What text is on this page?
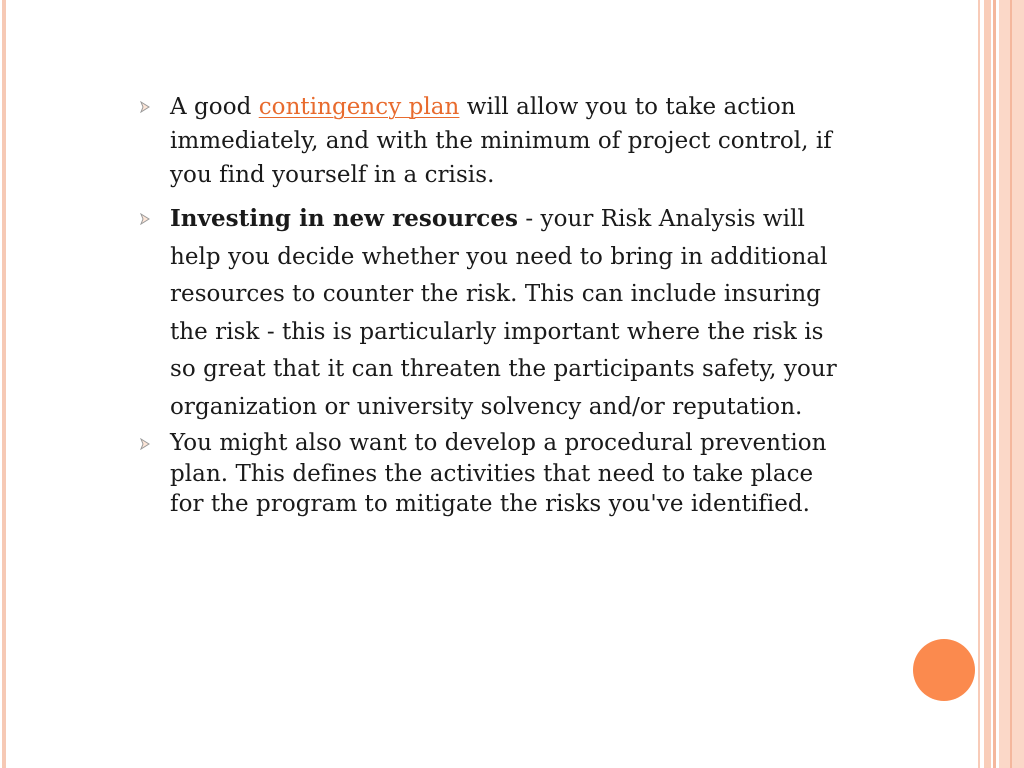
A good contingency plan will allow you to take action immediately, and with the minimum of project control, if you find yourself in a crisis.
Investing in new resources - your Risk Analysis will help you decide whether you need to bring in additional resources to counter the risk. This can include insuring the risk - this is particularly important where the risk is so great that it can threaten the participants safety, your organization or university solvency and/or reputation.
You might also want to develop a procedural prevention plan. This defines the activities that need to take place for the program to mitigate the risks you've identified.
